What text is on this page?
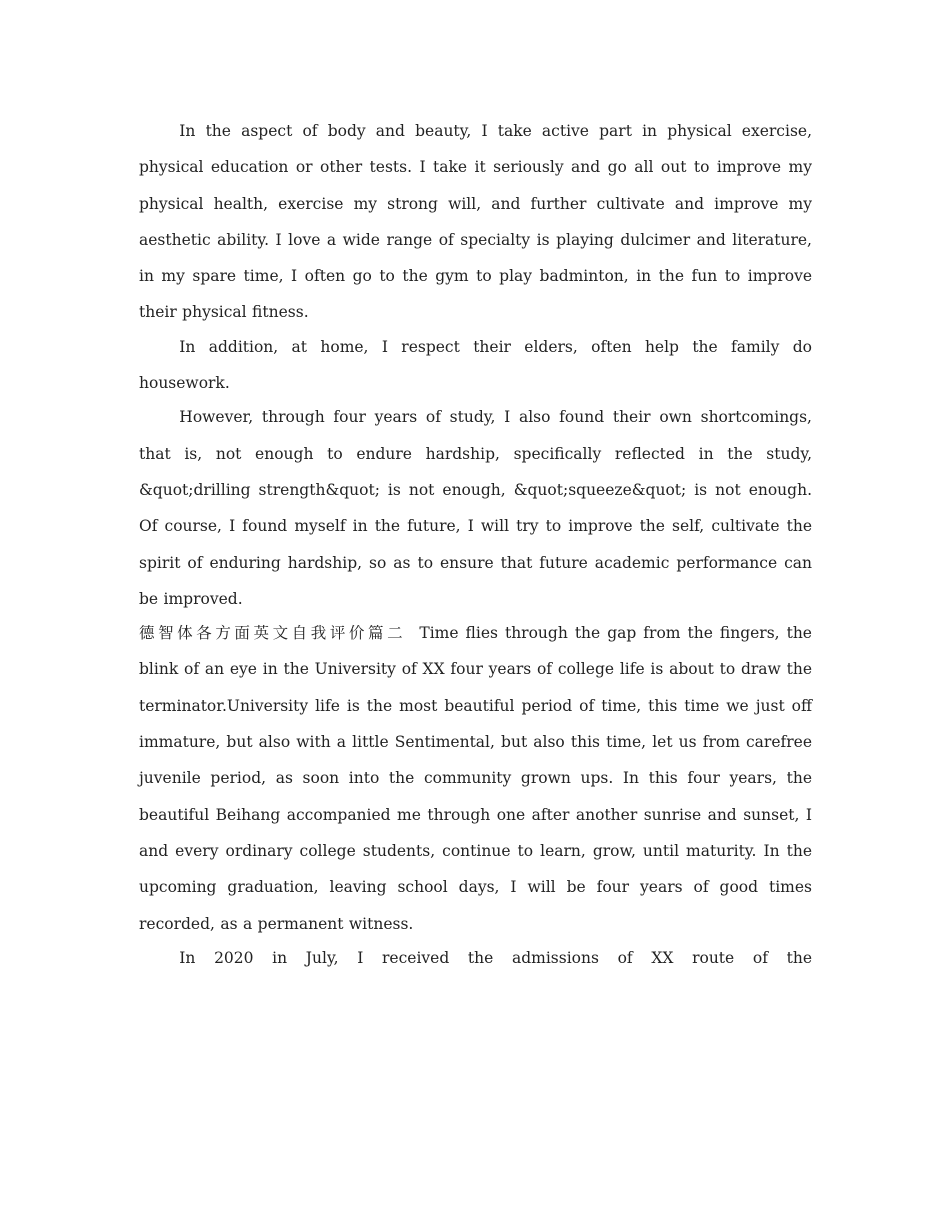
In the aspect of body and beauty, I take active part in physical exercise, physical education or other tests. I take it seriously and go all out to improve my physical health, exercise my strong will, and further cultivate and improve my aesthetic ability. I love a wide range of specialty is playing dulcimer and literature, in my spare time, I often go to the gym to play badminton, in the fun to improve their physical fitness.

In addition, at home, I respect their elders, often help the family do housework.

However, through four years of study, I also found their own shortcomings, that is, not enough to endure hardship, specifically reflected in the study, &quot;drilling strength&quot; is not enough, &quot;squeeze&quot; is not enough. Of course, I found myself in the future, I will try to improve the self, cultivate the spirit of enduring hardship, so as to ensure that future academic performance can be improved.

德智体各方面英文自我评价篇二 Time flies through the gap from the fingers, the blink of an eye in the University of XX four years of college life is about to draw the terminator.University life is the most beautiful period of time, this time we just off immature, but also with a little Sentimental, but also this time, let us from carefree juvenile period, as soon into the community grown ups. In this four years, the beautiful Beihang accompanied me through one after another sunrise and sunset, I and every ordinary college students, continue to learn, grow, until maturity. In the upcoming graduation, leaving school days, I will be four years of good times recorded, as a permanent witness.

In 2020 in July, I received the admissions of XX route of the
